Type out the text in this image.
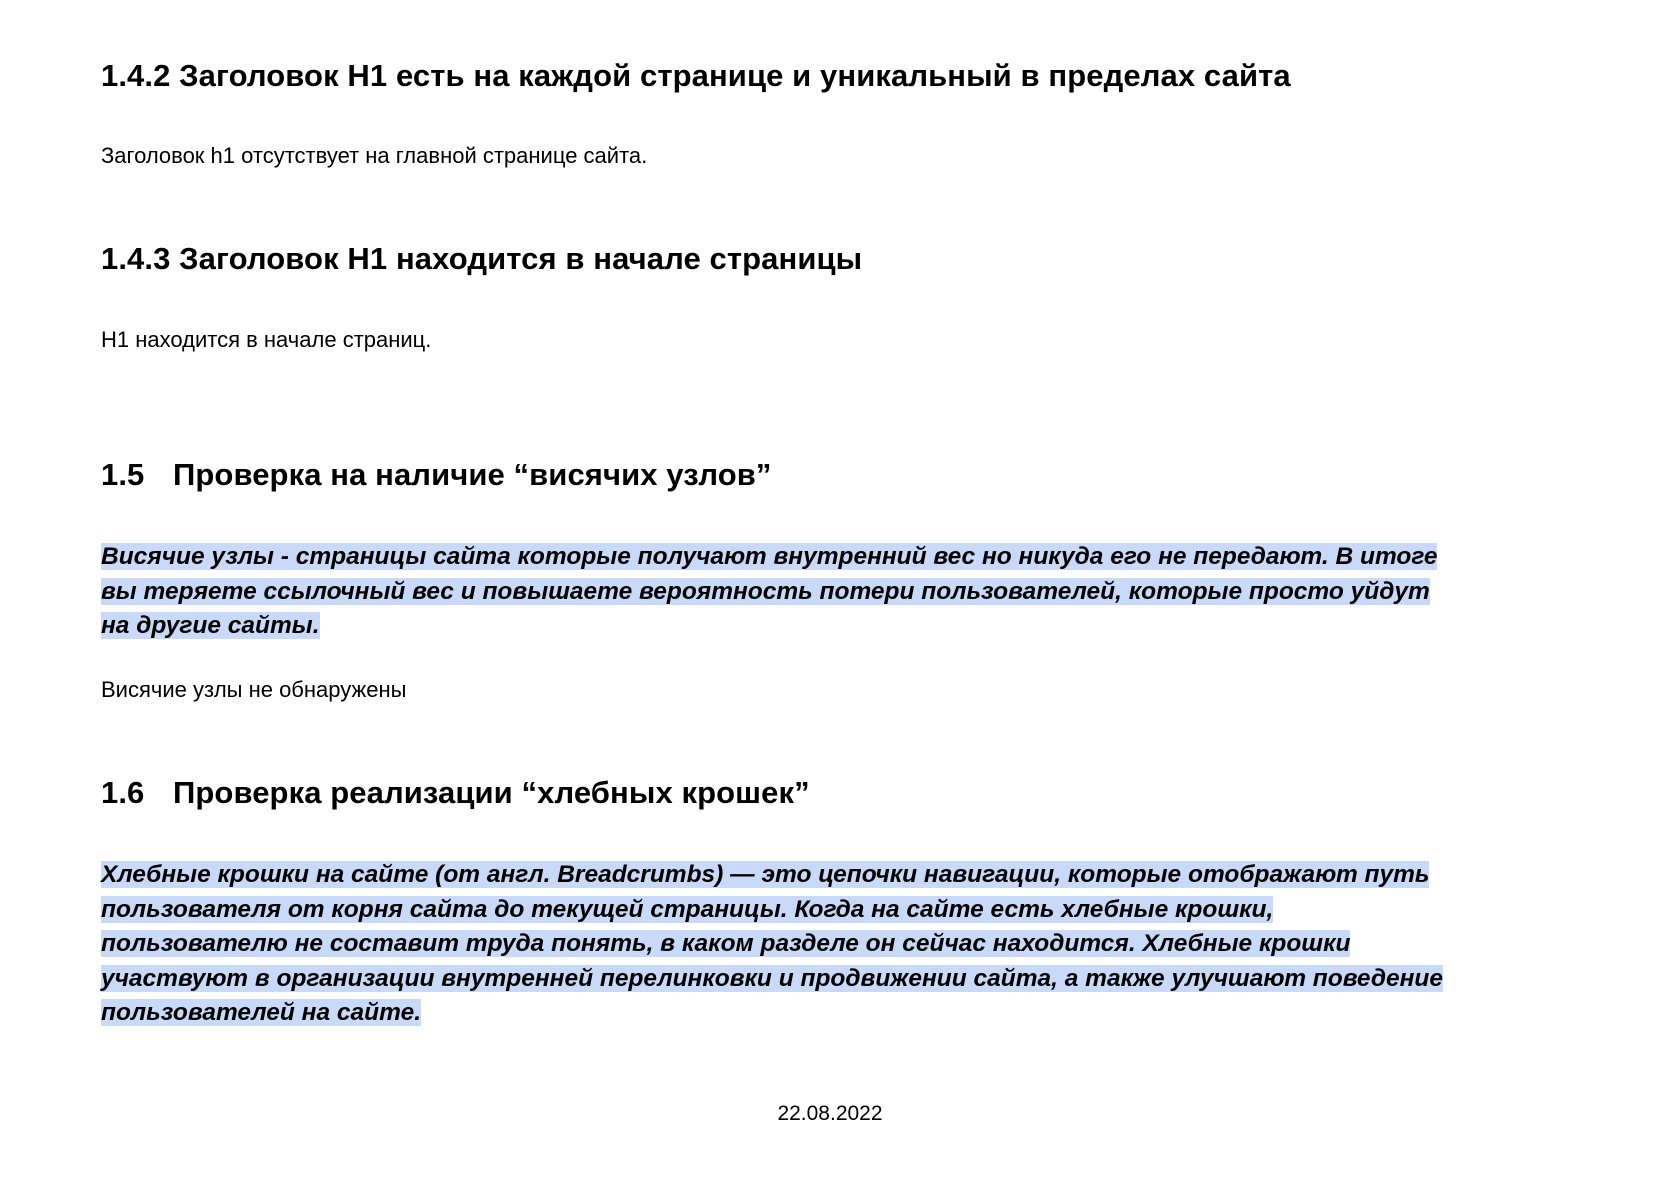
1.4.2 Заголовок H1 есть на каждой странице и уникальный в пределах сайта

Заголовок h1 отсутствует на главной странице сайта.

1.4.3 Заголовок H1 находится в начале страницы

H1 находится в начале страниц.

1.5 Проверка на наличие “висячих узлов”
Висячие узлы - страницы сайта которые получают внутренний вес но никуда его не передают. В итоге
вы теряете ссылочный вес и повышаете вероятность потери пользователей, которые просто уйдут
на другие сайты.

Висячие узлы не обнаружены

1.6 Проверка реализации “хлебных крошек”
Хлебные крошки на сайте (от англ. Breadcrumbs) — это цепочки навигации, которые отображают путь
пользователя от корня сайта до текущей страницы. Когда на сайте есть хлебные крошки,
пользователю не составит труда понять, в каком разделе он сейчас находится. Хлебные крошки
участвуют в организации внутренней перелинковки и продвижении сайта, а также улучшают поведение
пользователей на сайте.

22.08.2022
